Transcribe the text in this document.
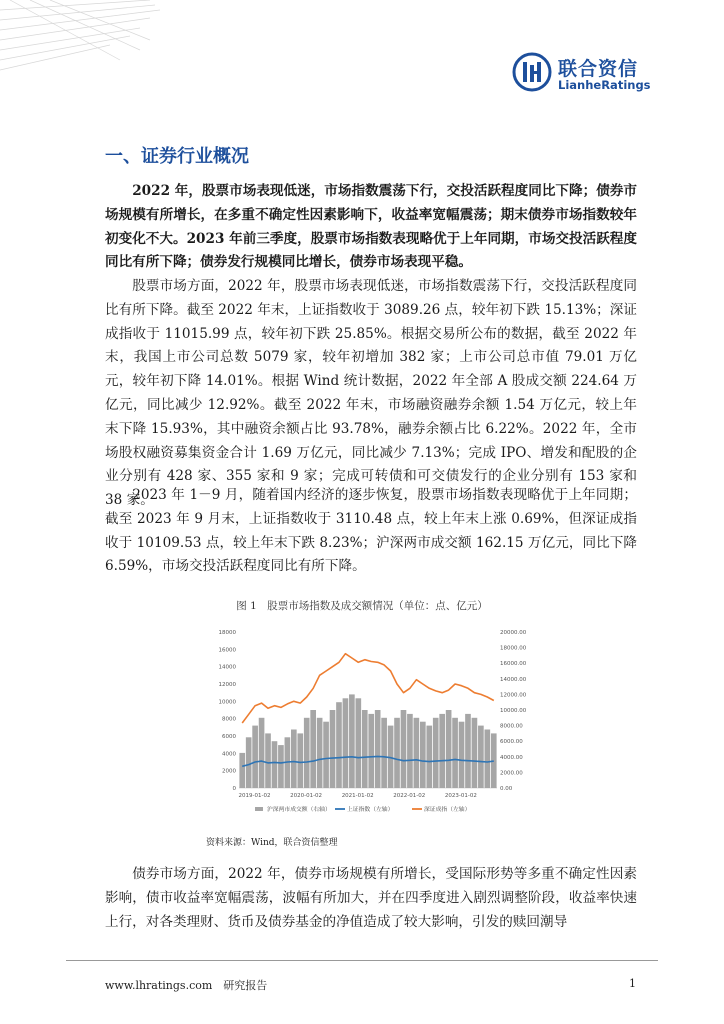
联合资信
LianheRatings
一、证券行业概况

2022 年，股票市场表现低迷，市场指数震荡下行，交投活跃程度同比下降；债券市场规模有所增长，在多重不确定性因素影响下，收益率宽幅震荡；期末债券市场指数较年初变化不大。2023 年前三季度，股票市场指数表现略优于上年同期，市场交投活跃程度同比有所下降；债券发行规模同比增长，债券市场表现平稳。

股票市场方面，2022 年，股票市场表现低迷，市场指数震荡下行，交投活跃程度同比有所下降。截至 2022 年末，上证指数收于 3089.26 点，较年初下跌 15.13%；深证成指收于 11015.99 点，较年初下跌 25.85%。根据交易所公布的数据，截至 2022 年末，我国上市公司总数 5079 家，较年初增加 382 家；上市公司总市值 79.01 万亿元，较年初下降 14.01%。根据 Wind 统计数据，2022 年全部 A 股成交额 224.64 万亿元，同比减少 12.92%。截至 2022 年末，市场融资融券余额 1.54 万亿元，较上年末下降 15.93%，其中融资余额占比 93.78%，融券余额占比 6.22%。2022 年，全市场股权融资募集资金合计 1.69 万亿元，同比减少 7.13%；完成 IPO、增发和配股的企业分别有 428 家、355 家和 9 家；完成可转债和可交债发行的企业分别有 153 家和 38 家。

2023 年 1－9 月，随着国内经济的逐步恢复，股票市场指数表现略优于上年同期；截至 2023 年 9 月末，上证指数收于 3110.48 点，较上年末上涨 0.69%，但深证成指收于 10109.53 点，较上年末下跌 8.23%；沪深两市成交额 162.15 万亿元，同比下降 6.59%，市场交投活跃程度同比有所下降。

图 1　股票市场指数及成交额情况（单位：点、亿元）
0
2000
4000
6000
8000
10000
12000
14000
16000
18000
0.00
2000.00
4000.00
6000.00
8000.00
10000.00
12000.00
14000.00
16000.00
18000.00
20000.00
2019-01-02	2020-01-02	2021-01-02	2022-01-02	2023-01-02
沪深两市成交额（右轴）	上证指数（左轴）	深证成指（左轴）
资料来源：Wind，联合资信整理

债券市场方面，2022 年，债券市场规模有所增长，受国际形势等多重不确定性因素影响，债市收益率宽幅震荡，波幅有所加大，并在四季度进入剧烈调整阶段，收益率快速上行，对各类理财、货币及债券基金的净值造成了较大影响，引发的赎回潮导

www.lhratings.com　研究报告	1
